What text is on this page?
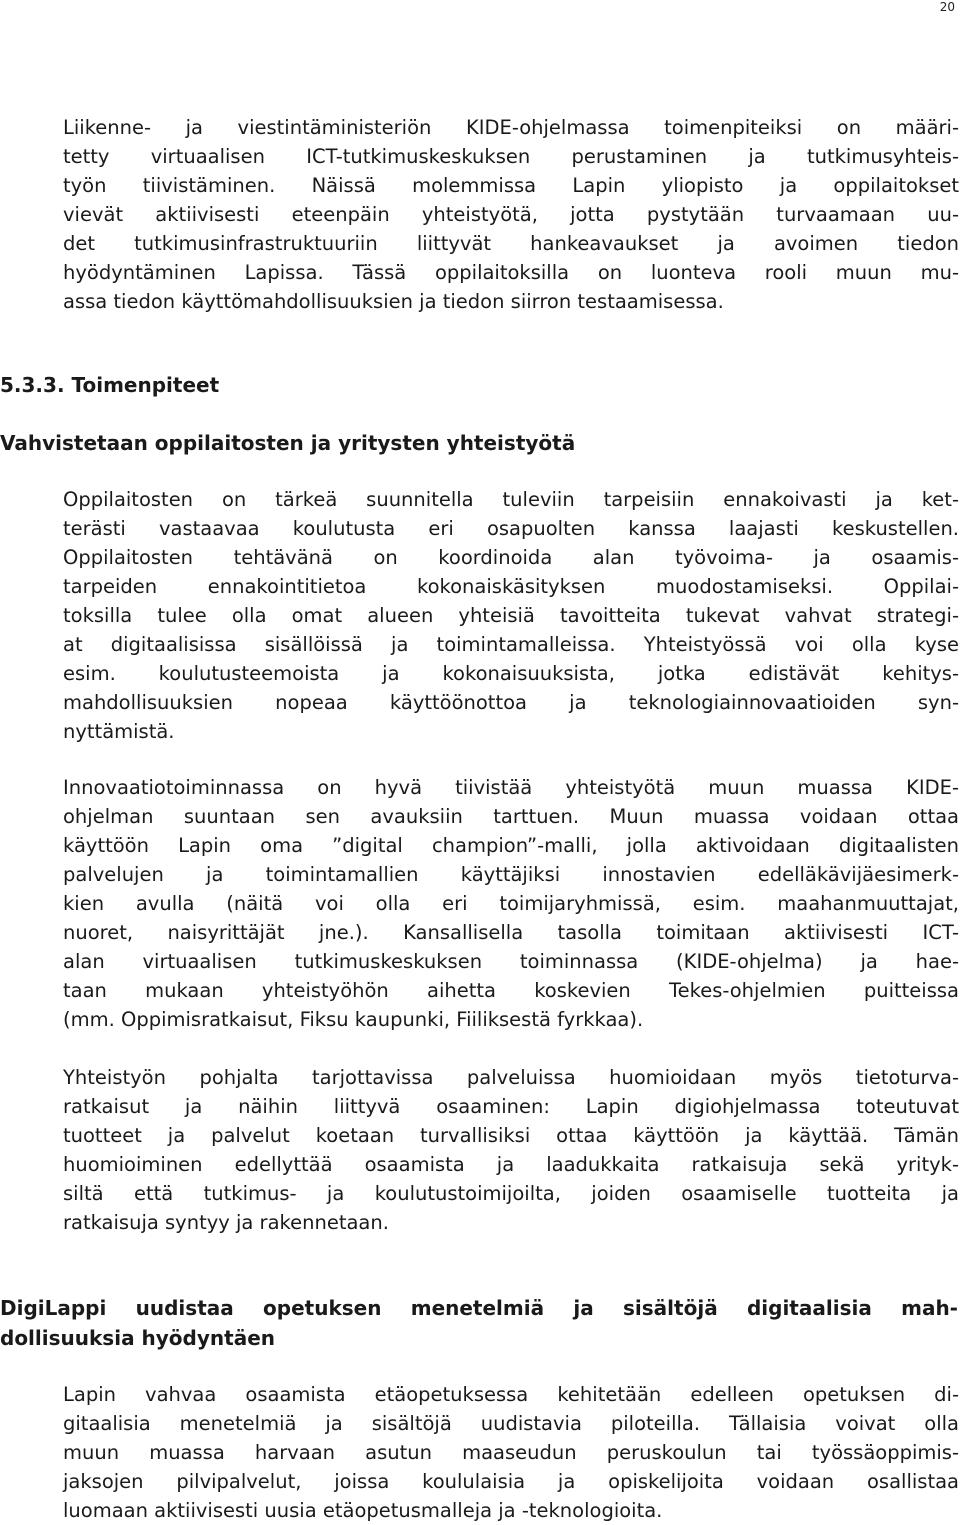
20
Liikenne- ja viestintäministeriön KIDE-ohjelmassa toimenpiteiksi on määri-
tetty virtuaalisen ICT-tutkimuskeskuksen perustaminen ja tutkimusyhteis-
työn tiivistäminen. Näissä molemmissa Lapin yliopisto ja oppilaitokset
vievät aktiivisesti eteenpäin yhteistyötä, jotta pystytään turvaamaan uu-
det tutkimusinfrastruktuuriin liittyvät hankeavaukset ja avoimen tiedon
hyödyntäminen Lapissa. Tässä oppilaitoksilla on luonteva rooli muun mu-
assa tiedon käyttömahdollisuuksien ja tiedon siirron testaamisessa.
5.3.3. Toimenpiteet
Vahvistetaan oppilaitosten ja yritysten yhteistyötä
Oppilaitosten on tärkeä suunnitella tuleviin tarpeisiin ennakoivasti ja ket-
terästi vastaavaa koulutusta eri osapuolten kanssa laajasti keskustellen.
Oppilaitosten tehtävänä on koordinoida alan työvoima- ja osaamis-
tarpeiden ennakointitietoa kokonaiskäsityksen muodostamiseksi. Oppilai-
toksilla tulee olla omat alueen yhteisiä tavoitteita tukevat vahvat strategi-
at digitaalisissa sisällöissä ja toimintamalleissa. Yhteistyössä voi olla kyse
esim. koulutusteemoista ja kokonaisuuksista, jotka edistävät kehitys-
mahdollisuuksien nopeaa käyttöönottoa ja teknologiainnovaatioiden syn-
nyttämistä.
Innovaatiotoiminnassa on hyvä tiivistää yhteistyötä muun muassa KIDE-
ohjelman suuntaan sen avauksiin tarttuen. Muun muassa voidaan ottaa
käyttöön Lapin oma ”digital champion”-malli, jolla aktivoidaan digitaalisten
palvelujen ja toimintamallien käyttäjiksi innostavien edelläkävijäesimerk-
kien avulla (näitä voi olla eri toimijaryhmissä, esim. maahanmuuttajat,
nuoret, naisyrittäjät jne.). Kansallisella tasolla toimitaan aktiivisesti ICT-
alan virtuaalisen tutkimuskeskuksen toiminnassa (KIDE-ohjelma) ja hae-
taan mukaan yhteistyöhön aihetta koskevien Tekes-ohjelmien puitteissa
(mm. Oppimisratkaisut, Fiksu kaupunki, Fiiliksestä fyrkkaa).
Yhteistyön pohjalta tarjottavissa palveluissa huomioidaan myös tietoturva-
ratkaisut ja näihin liittyvä osaaminen: Lapin digiohjelmassa toteutuvat
tuotteet ja palvelut koetaan turvallisiksi ottaa käyttöön ja käyttää. Tämän
huomioiminen edellyttää osaamista ja laadukkaita ratkaisuja sekä yrityk-
siltä että tutkimus- ja koulutustoimijoilta, joiden osaamiselle tuotteita ja
ratkaisuja syntyy ja rakennetaan.
DigiLappi uudistaa opetuksen menetelmiä ja sisältöjä digitaalisia mah-
dollisuuksia hyödyntäen
Lapin vahvaa osaamista etäopetuksessa kehitetään edelleen opetuksen di-
gitaalisia menetelmiä ja sisältöjä uudistavia piloteilla. Tällaisia voivat olla
muun muassa harvaan asutun maaseudun peruskoulun tai työssäoppimis-
jaksojen pilvipalvelut, joissa koululaisia ja opiskelijoita voidaan osallistaa
luomaan aktiivisesti uusia etäopetusmalleja ja -teknologioita.
